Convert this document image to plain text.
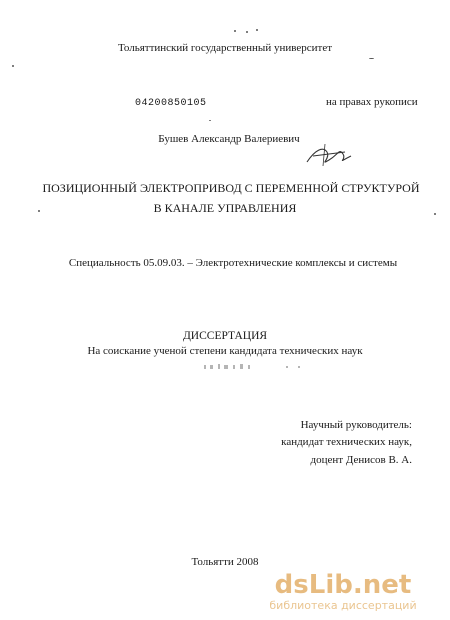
Тольяттинский государственный университет
04200850105	на правах рукописи
Бушев Александр Валериевич
ПОЗИЦИОННЫЙ ЭЛЕКТРОПРИВОД С ПЕРЕМЕННОЙ СТРУКТУРОЙ
В КАНАЛЕ УПРАВЛЕНИЯ
Специальность 05.09.03. – Электротехнические комплексы и системы
ДИССЕРТАЦИЯ
На соискание ученой степени кандидата технических наук
Научный руководитель:
кандидат технических наук,
доцент Денисов В. А.
Тольятти 2008
dsLib.net
библиотека диссертаций
